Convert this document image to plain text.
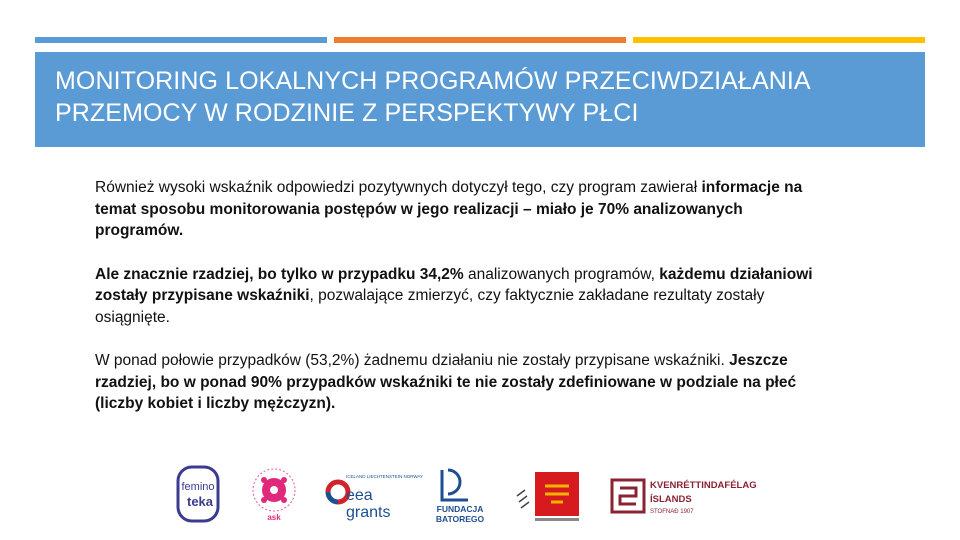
MONITORING LOKALNYCH PROGRAMÓW PRZECIWDZIAŁANIA
PRZEMOCY W RODZINIE Z PERSPEKTYWY PŁCI

Również wysoki wskaźnik odpowiedzi pozytywnych dotyczył tego, czy program zawierał informacje na temat sposobu monitorowania postępów w jego realizacji – miało je 70% analizowanych programów.

Ale znacznie rzadziej, bo tylko w przypadku 34,2% analizowanych programów, każdemu działaniowi zostały przypisane wskaźniki, pozwalające zmierzyć, czy faktycznie zakładane rezultaty zostały osiągnięte.

W ponad połowie przypadków (53,2%) żadnemu działaniu nie zostały przypisane wskaźniki. Jeszcze rzadziej, bo w ponad 90% przypadków wskaźniki te nie zostały zdefiniowane w podziale na płeć (liczby kobiet i liczby mężczyzn).

femino
teka
ask
ICELAND LIECHTENSTEIN NORWAY
eea
grants	FUNDACJA
BATOREGO
KVENRÉTTINDAFÉLAG
ÍSLANDS
STOFNAÐ 1907
